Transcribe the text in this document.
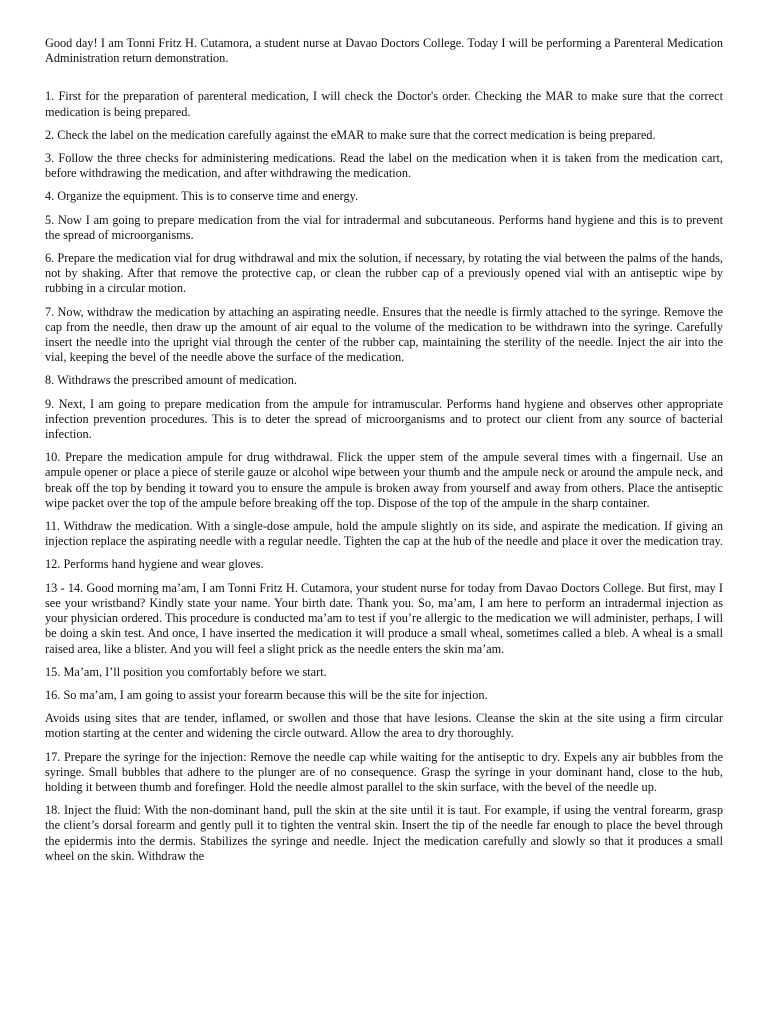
Good day! I am Tonni Fritz H. Cutamora, a student nurse at Davao Doctors College. Today I will be performing a Parenteral Medication Administration return demonstration.

1. First for the preparation of parenteral medication, I will check the Doctor's order. Checking the MAR to make sure that the correct medication is being prepared.

2. Check the label on the medication carefully against the eMAR to make sure that the correct medication is being prepared.

3. Follow the three checks for administering medications. Read the label on the medication when it is taken from the medication cart, before withdrawing the medication, and after withdrawing the medication.

4. Organize the equipment. This is to conserve time and energy.

5. Now I am going to prepare medication from the vial for intradermal and subcutaneous. Performs hand hygiene and this is to prevent the spread of microorganisms.

6. Prepare the medication vial for drug withdrawal and mix the solution, if necessary, by rotating the vial between the palms of the hands, not by shaking. After that remove the protective cap, or clean the rubber cap of a previously opened vial with an antiseptic wipe by rubbing in a circular motion.

7. Now, withdraw the medication by attaching an aspirating needle. Ensures that the needle is firmly attached to the syringe. Remove the cap from the needle, then draw up the amount of air equal to the volume of the medication to be withdrawn into the syringe. Carefully insert the needle into the upright vial through the center of the rubber cap, maintaining the sterility of the needle. Inject the air into the vial, keeping the bevel of the needle above the surface of the medication.

8. Withdraws the prescribed amount of medication.

9. Next, I am going to prepare medication from the ampule for intramuscular. Performs hand hygiene and observes other appropriate infection prevention procedures. This is to deter the spread of microorganisms and to protect our client from any source of bacterial infection.

10. Prepare the medication ampule for drug withdrawal. Flick the upper stem of the ampule several times with a fingernail. Use an ampule opener or place a piece of sterile gauze or alcohol wipe between your thumb and the ampule neck or around the ampule neck, and break off the top by bending it toward you to ensure the ampule is broken away from yourself and away from others. Place the antiseptic wipe packet over the top of the ampule before breaking off the top. Dispose of the top of the ampule in the sharp container.

11. Withdraw the medication. With a single-dose ampule, hold the ampule slightly on its side, and aspirate the medication. If giving an injection replace the aspirating needle with a regular needle. Tighten the cap at the hub of the needle and place it over the medication tray.

12. Performs hand hygiene and wear gloves.

13 - 14. Good morning ma’am, I am Tonni Fritz H. Cutamora, your student nurse for today from Davao Doctors College. But first, may I see your wristband? Kindly state your name. Your birth date. Thank you. So, ma’am, I am here to perform an intradermal injection as your physician ordered. This procedure is conducted ma’am to test if you’re allergic to the medication we will administer, perhaps, I will be doing a skin test. And once, I have inserted the medication it will produce a small wheal, sometimes called a bleb. A wheal is a small raised area, like a blister. And you will feel a slight prick as the needle enters the skin ma’am.

15. Ma’am, I’ll position you comfortably before we start.

16. So ma’am, I am going to assist your forearm because this will be the site for injection.

Avoids using sites that are tender, inflamed, or swollen and those that have lesions. Cleanse the skin at the site using a firm circular motion starting at the center and widening the circle outward. Allow the area to dry thoroughly.

17. Prepare the syringe for the injection: Remove the needle cap while waiting for the antiseptic to dry. Expels any air bubbles from the syringe. Small bubbles that adhere to the plunger are of no consequence. Grasp the syringe in your dominant hand, close to the hub, holding it between thumb and forefinger. Hold the needle almost parallel to the skin surface, with the bevel of the needle up.

18. Inject the fluid: With the non-dominant hand, pull the skin at the site until it is taut. For example, if using the ventral forearm, grasp the client’s dorsal forearm and gently pull it to tighten the ventral skin. Insert the tip of the needle far enough to place the bevel through the epidermis into the dermis. Stabilizes the syringe and needle. Inject the medication carefully and slowly so that it produces a small wheel on the skin. Withdraw the
